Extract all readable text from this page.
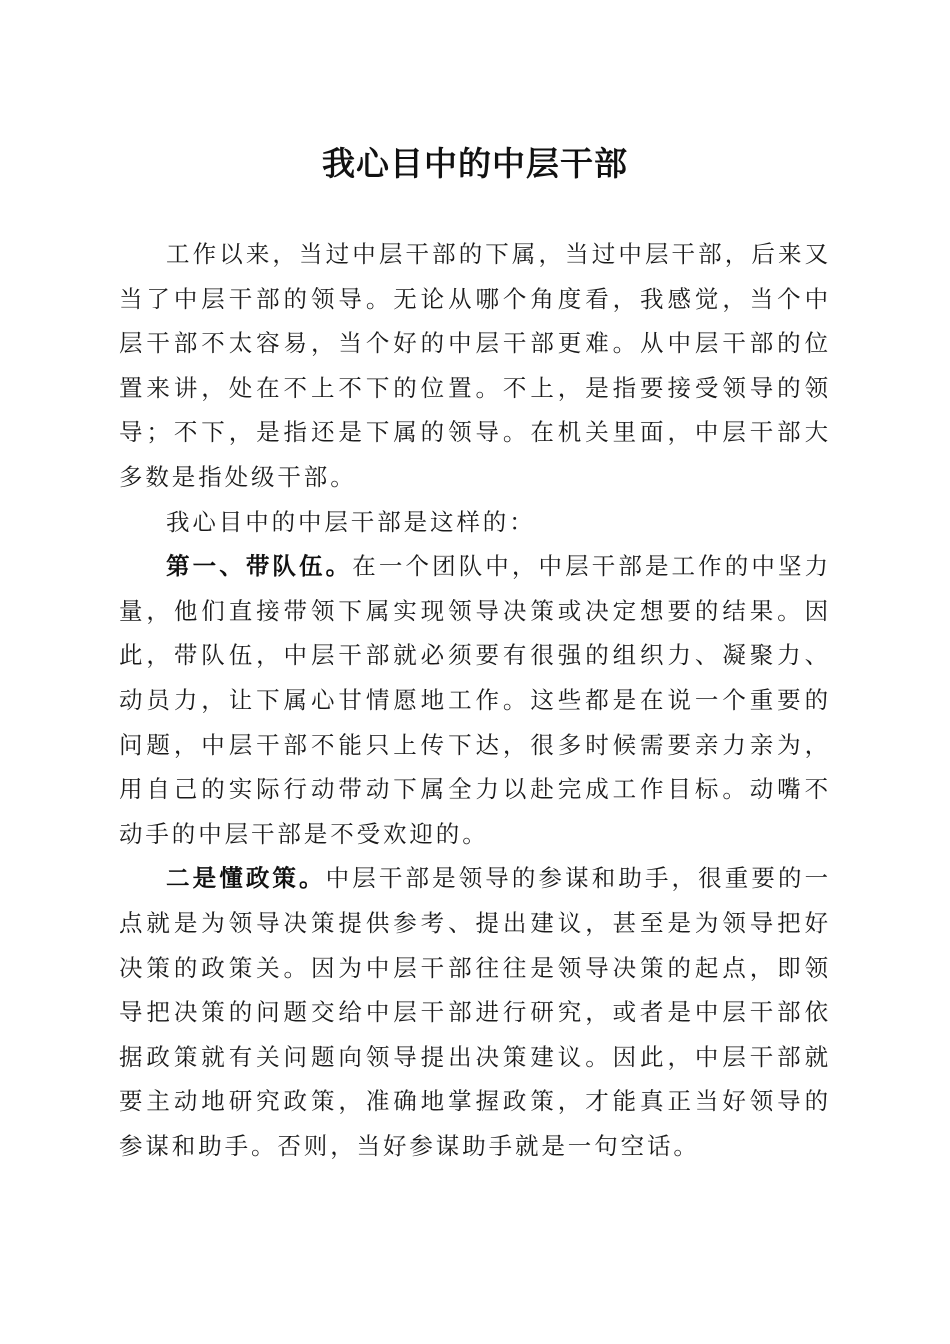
我心目中的中层干部

工作以来，当过中层干部的下属，当过中层干部，后来又当了中层干部的领导。无论从哪个角度看，我感觉，当个中层干部不太容易，当个好的中层干部更难。从中层干部的位置来讲，处在不上不下的位置。不上，是指要接受领导的领导；不下，是指还是下属的领导。在机关里面，中层干部大多数是指处级干部。

我心目中的中层干部是这样的：

第一、带队伍。在一个团队中，中层干部是工作的中坚力量，他们直接带领下属实现领导决策或决定想要的结果。因此，带队伍，中层干部就必须要有很强的组织力、凝聚力、动员力，让下属心甘情愿地工作。这些都是在说一个重要的问题，中层干部不能只上传下达，很多时候需要亲力亲为，用自己的实际行动带动下属全力以赴完成工作目标。动嘴不动手的中层干部是不受欢迎的。

二是懂政策。中层干部是领导的参谋和助手，很重要的一点就是为领导决策提供参考、提出建议，甚至是为领导把好决策的政策关。因为中层干部往往是领导决策的起点，即领导把决策的问题交给中层干部进行研究，或者是中层干部依据政策就有关问题向领导提出决策建议。因此，中层干部就要主动地研究政策，准确地掌握政策，才能真正当好领导的参谋和助手。否则，当好参谋助手就是一句空话。
